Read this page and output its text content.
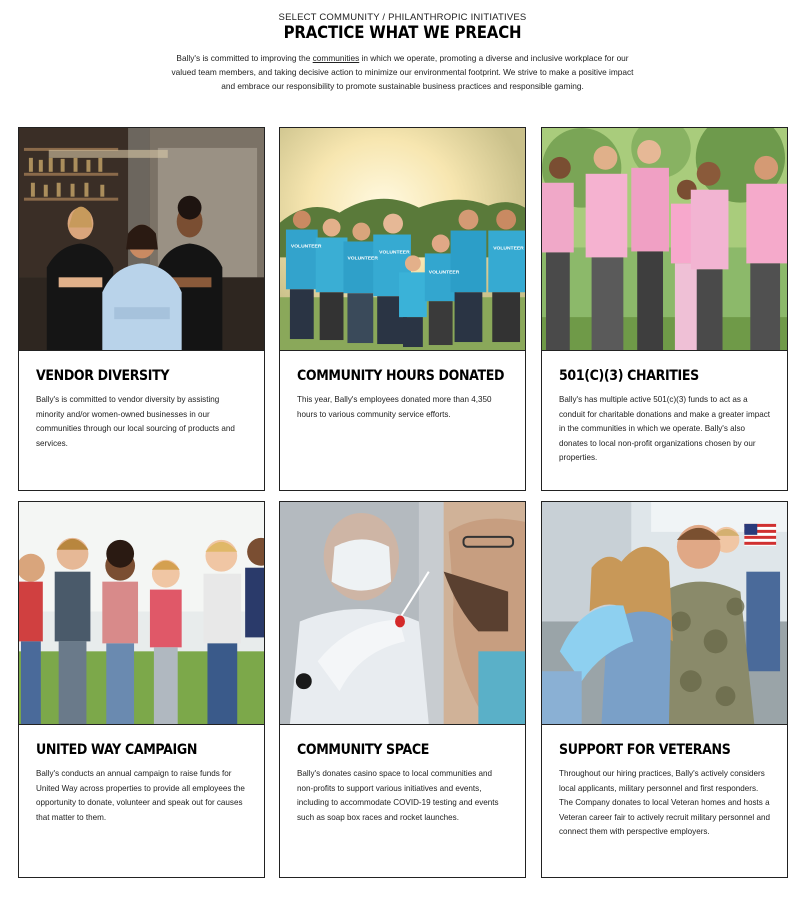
SELECT COMMUNITY / PHILANTHROPIC INITIATIVES
PRACTICE WHAT WE PREACH
Bally's is committed to improving the communities in which we operate, promoting a diverse and inclusive workplace for our valued team members, and taking decisive action to minimize our environmental footprint. We strive to make a positive impact and embrace our responsibility to promote sustainable business practices and responsible gaming.
VENDOR DIVERSITY

Bally's is committed to vendor diversity by assisting minority and/or women-owned businesses in our communities through our local sourcing of products and services.

VOLUNTEER
VOLUNTEER
VOLUNTEER
VOLUNTEER
VOLUNTEER
COMMUNITY HOURS DONATED

This year, Bally's employees donated more than 4,350 hours to various community service efforts.

501(C)(3) CHARITIES

Bally's has multiple active 501(c)(3) funds to act as a conduit for charitable donations and make a greater impact in the communities in which we operate. Bally's also donates to local non-profit organizations chosen by our properties.

UNITED WAY CAMPAIGN

Bally's conducts an annual campaign to raise funds for United Way across properties to provide all employees the opportunity to donate, volunteer and speak out for causes that matter to them.

COMMUNITY SPACE

Bally's donates casino space to local communities and non-profits to support various initiatives and events, including to accommodate COVID-19 testing and events such as soap box races and rocket launches.

SUPPORT FOR VETERANS

Throughout our hiring practices, Bally's actively considers local applicants, military personnel and first responders. The Company donates to local Veteran homes and hosts a Veteran career fair to actively recruit military personnel and connect them with perspective employers.
